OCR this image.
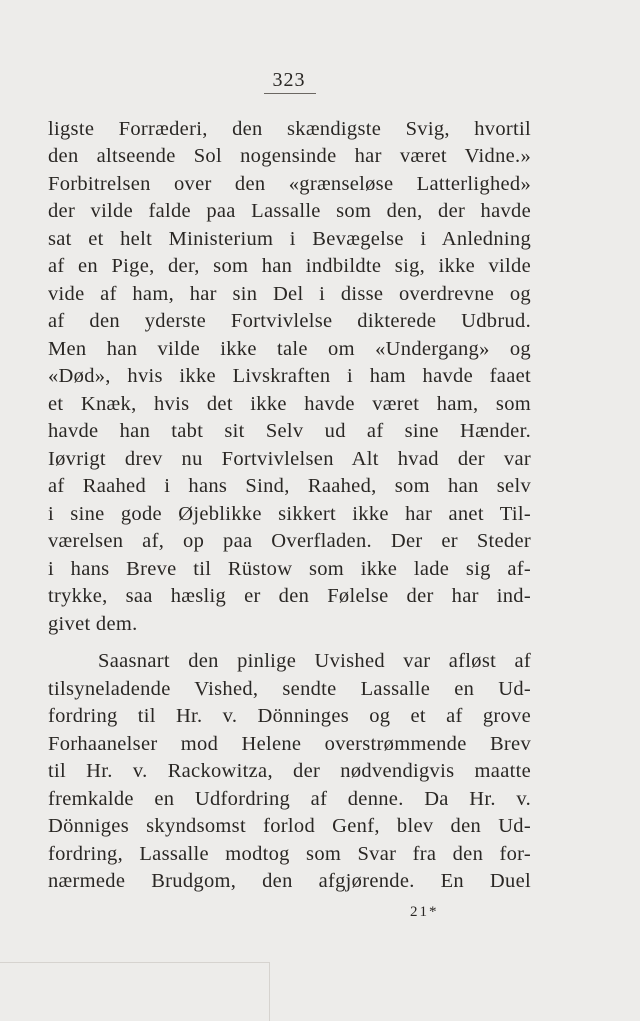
323
ligste Forræderi, den skændigste Svig, hvortil
den altseende Sol nogensinde har været Vidne.»
Forbitrelsen over den «grænseløse Latterlighed»
der vilde falde paa Lassalle som den, der havde
sat et helt Ministerium i Bevægelse i Anledning
af en Pige, der, som han indbildte sig, ikke vilde
vide af ham, har sin Del i disse overdrevne og
af den yderste Fortvivlelse dikterede Udbrud.
Men han vilde ikke tale om «Undergang» og
«Død», hvis ikke Livskraften i ham havde faaet
et Knæk, hvis det ikke havde været ham, som
havde han tabt sit Selv ud af sine Hænder.
Iøvrigt drev nu Fortvivlelsen Alt hvad der var
af Raahed i hans Sind, Raahed, som han selv
i sine gode Øjeblikke sikkert ikke har anet Til-
værelsen af, op paa Overfladen. Der er Steder
i hans Breve til Rüstow som ikke lade sig af-
trykke, saa hæslig er den Følelse der har ind-
givet dem.
Saasnart den pinlige Uvished var afløst af
tilsyneladende Vished, sendte Lassalle en Ud-
fordring til Hr. v. Dönninges og et af grove
Forhaanelser mod Helene overstrømmende Brev
til Hr. v. Rackowitza, der nødvendigvis maatte
fremkalde en Udfordring af denne. Da Hr. v.
Dönniges skyndsomst forlod Genf, blev den Ud-
fordring, Lassalle modtog som Svar fra den for-
nærmede Brudgom, den afgjørende. En Duel
21*
